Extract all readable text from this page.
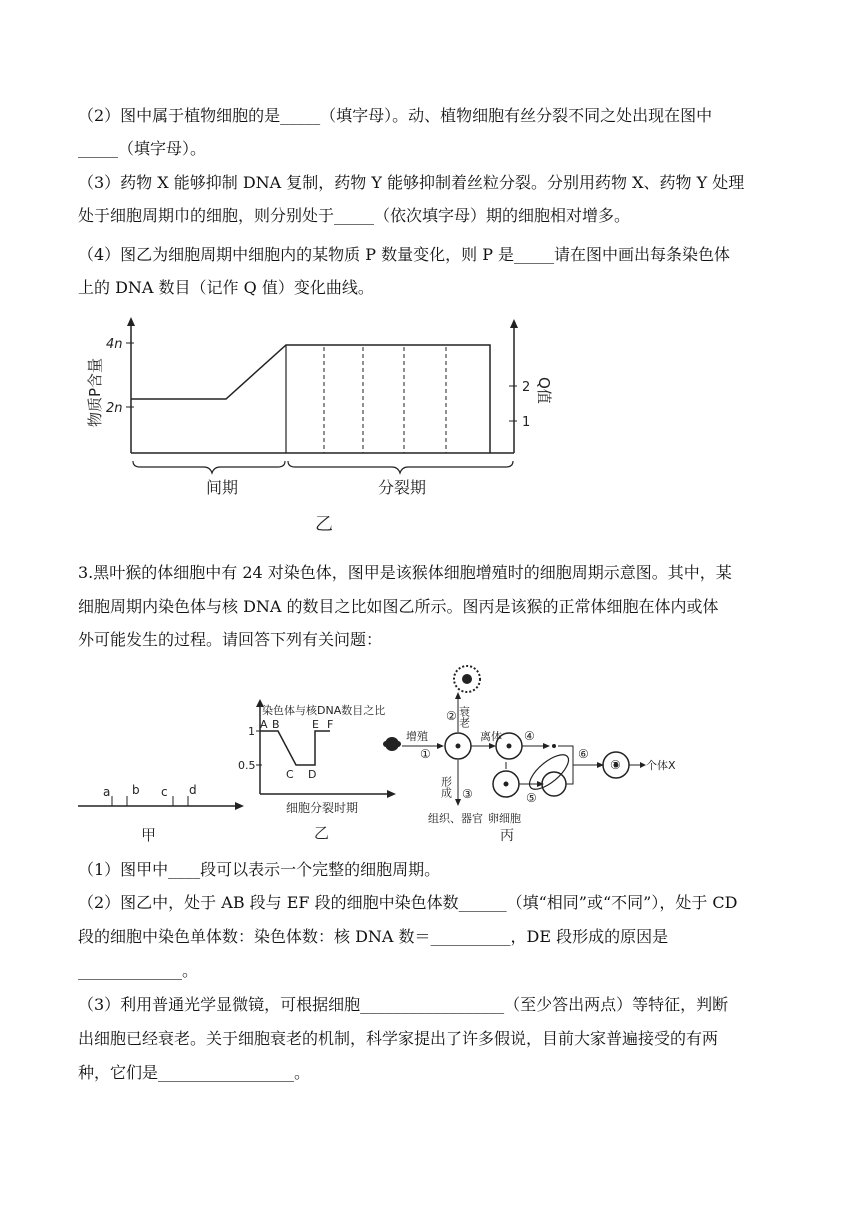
（2）图中属于植物细胞的是_____（填字母）。动、植物细胞有丝分裂不同之处出现在图中
_____（填字母）。
（3）药物 X 能够抑制 DNA 复制，药物 Y 能够抑制着丝粒分裂。分别用药物 X、药物 Y 处理
处于细胞周期巾的细胞，则分别处于_____（依次填字母）期的细胞相对增多。
（4）图乙为细胞周期中细胞内的某物质 P 数量变化，则 P 是_____请在图中画出每条染色体
上的 DNA 数目（记作 Q 值）变化曲线。
4n
2n
2
1
物质P含量	Q值
间期	分裂期
乙
3.黑叶猴的体细胞中有 24 对染色体，图甲是该猴体细胞增殖时的细胞周期示意图。其中，某
细胞周期内染色体与核 DNA 的数目之比如图乙所示。图丙是该猴的正常体细胞在体内或体
外可能发生的过程。请回答下列有关问题：
a b c d
甲
染色体与核DNA数目之比
A B
C D
E F
1
0.5
细胞分裂时期
乙
增殖
①
② 衰老
离体 ④
形成 ③	⑤
⑥
⑦ 个体X
组织、器官 卵细胞
丙
（1）图甲中____段可以表示一个完整的细胞周期。
（2）图乙中，处于 AB 段与 EF 段的细胞中染色体数______（填“相同”或“不同”），处于 CD
段的细胞中染色单体数：染色体数：核 DNA 数＝__________，DE 段形成的原因是
_____________。
（3）利用普通光学显微镜，可根据细胞__________________（至少答出两点）等特征，判断
出细胞已经衰老。关于细胞衰老的机制，科学家提出了许多假说，目前大家普遍接受的有两
种，它们是_________________。
